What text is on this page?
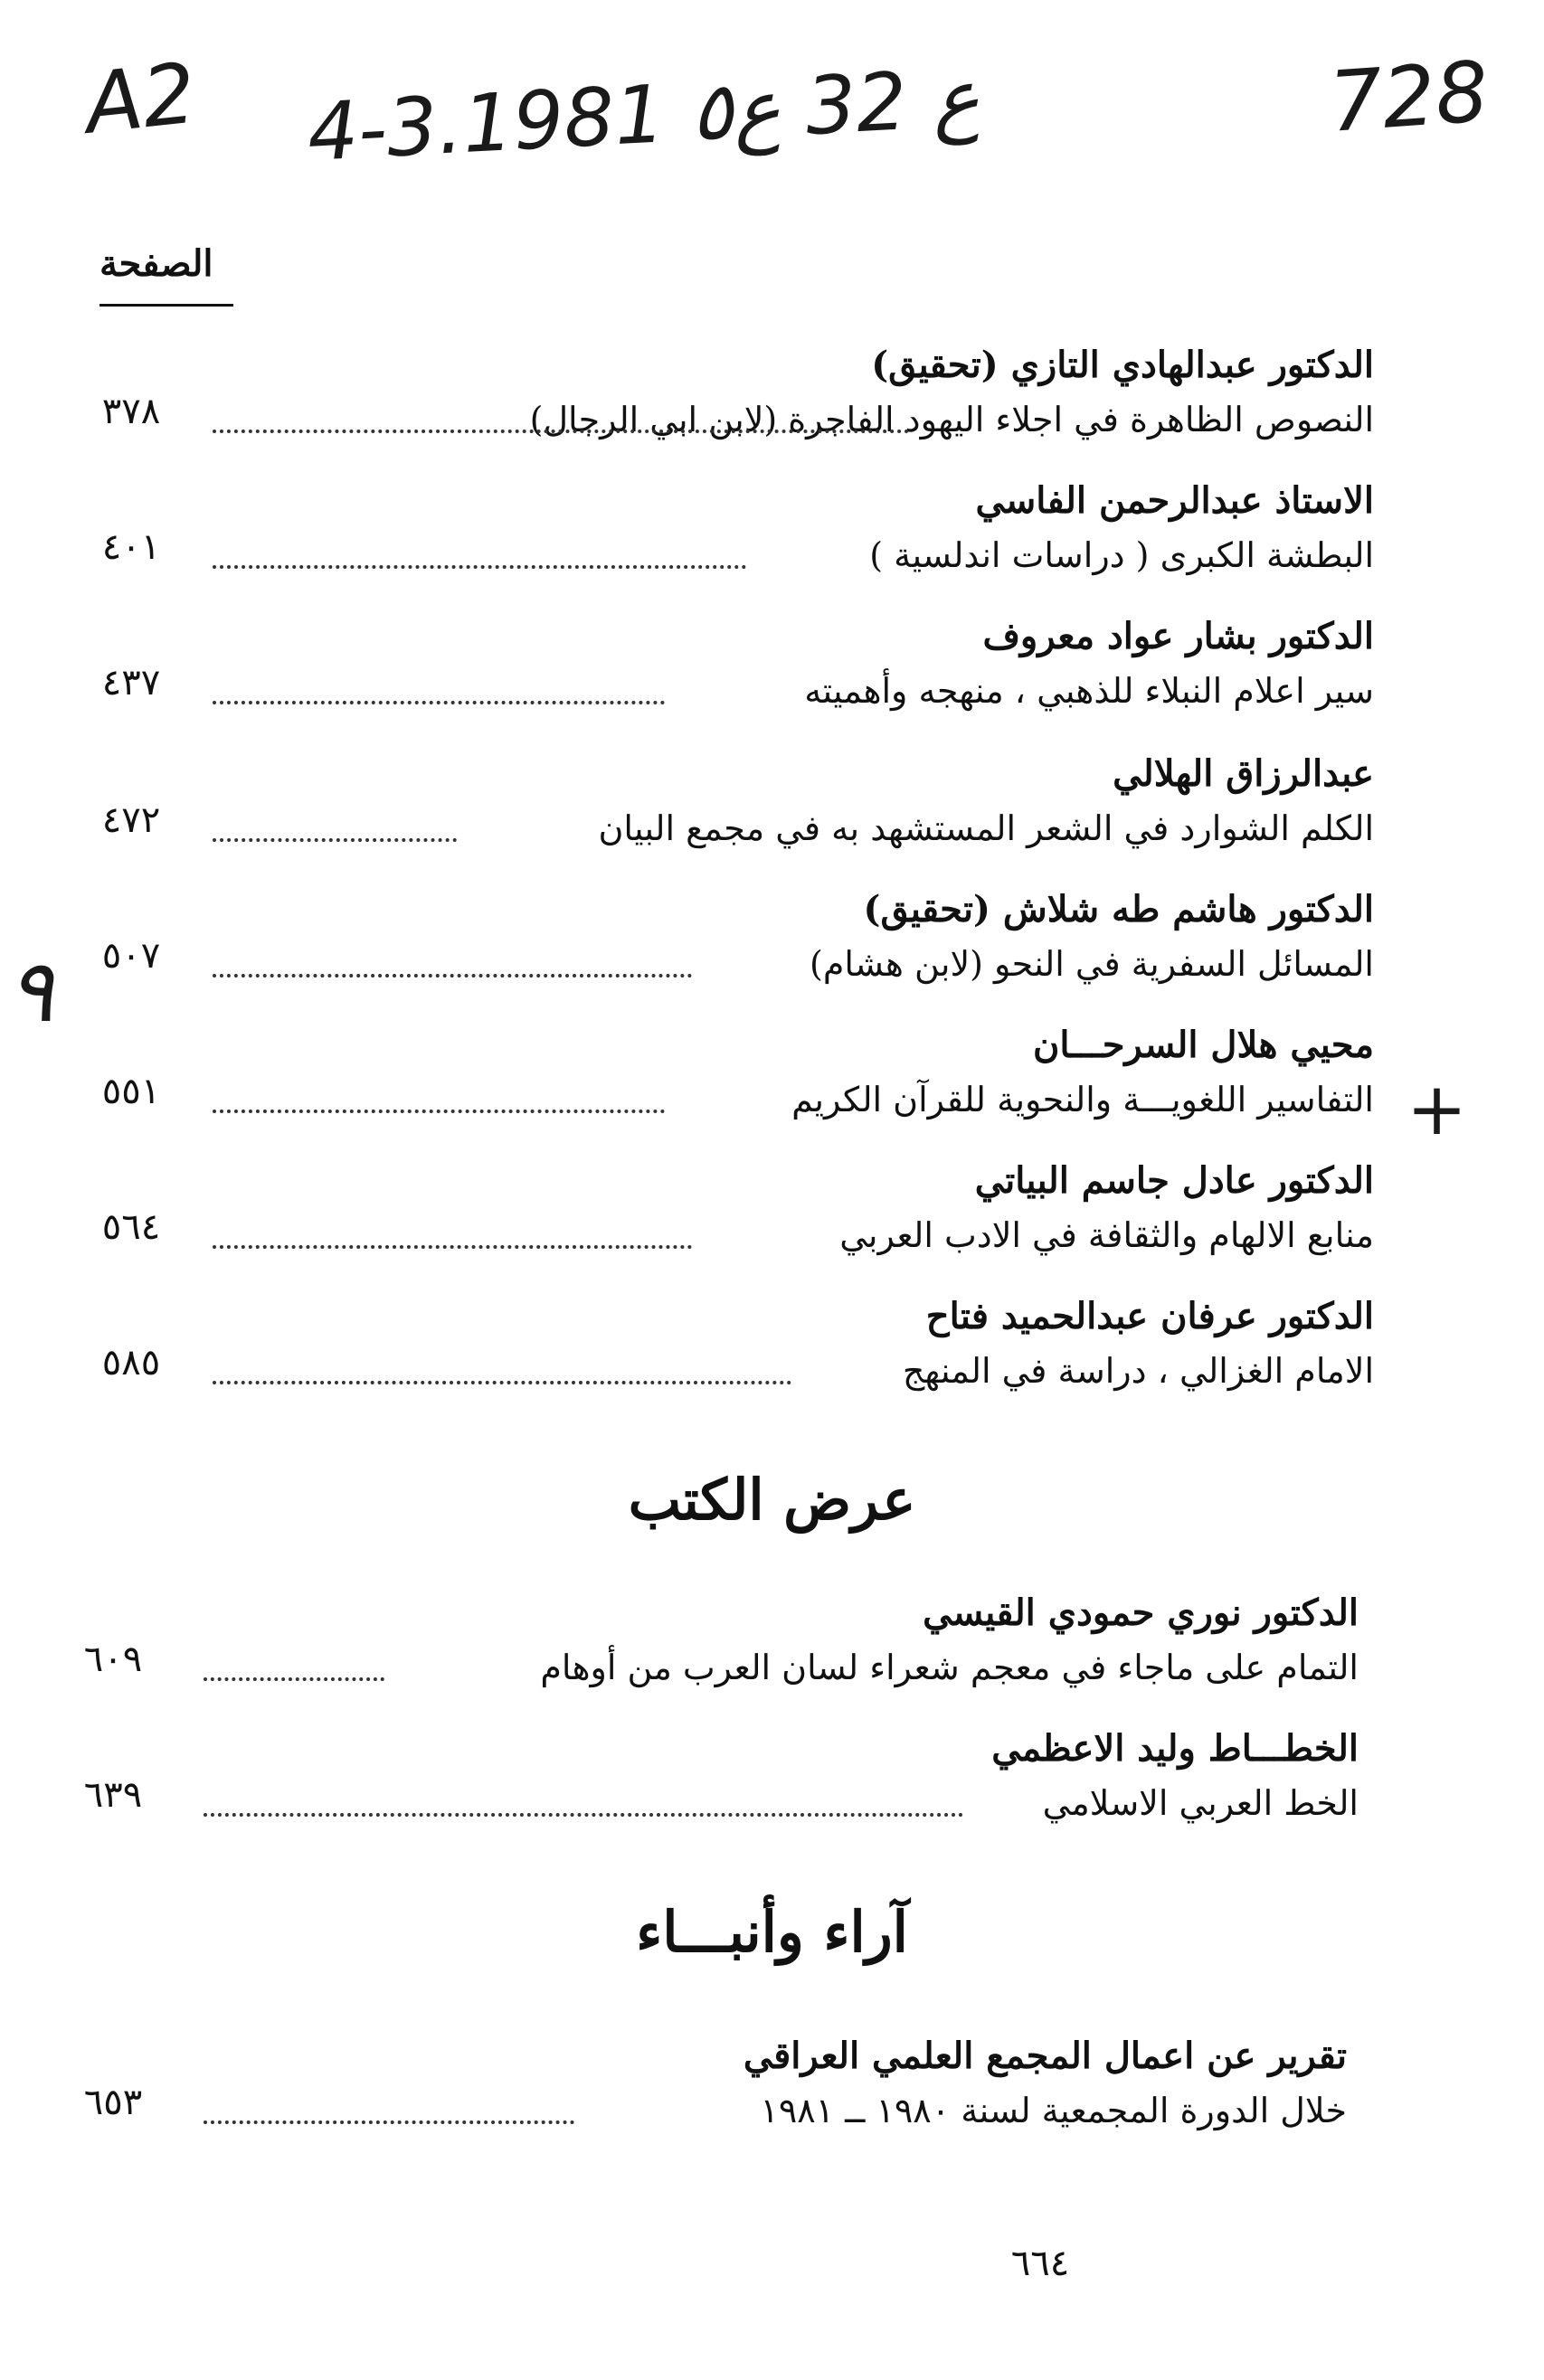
A2 4-3.ع 32 ع٥ 1981	728
٩
+
الصفحة
الدكتور عبدالهادي التازي (تحقيق)
النصوص الظاهرة في اجلاء اليهود الفاجرة (لابن ابي الرجال)
٣٧٨
الاستاذ عبدالرحمن الفاسي
البطشة الكبرى ( دراسات اندلسية )
٤٠١
الدكتور بشار عواد معروف
سير اعلام النبلاء للذهبي ، منهجه وأهميته
٤٣٧
عبدالرزاق الهلالي
الكلم الشوارد في الشعر المستشهد به في مجمع البيان
٤٧٢
الدكتور هاشم طه شلاش (تحقيق)
المسائل السفرية في النحو (لابن هشام)
٥٠٧
محيي هلال السرحـــان
التفاسير اللغويـــة والنحوية للقرآن الكريم
٥٥١
الدكتور عادل جاسم البياتي
منابع الالهام والثقافة في الادب العربي
٥٦٤
الدكتور عرفان عبدالحميد فتاح
الامام الغزالي ، دراسة في المنهج
٥٨٥
عرض الكتب
الدكتور نوري حمودي القيسي
التمام على ماجاء في معجم شعراء لسان العرب من أوهام
٦٠٩
الخطـــاط وليد الاعظمي
الخط العربي الاسلامي
٦٣٩
آراء وأنبـــاء
تقرير عن اعمال المجمع العلمي العراقي
خلال الدورة المجمعية لسنة ١٩٨٠ ــ ١٩٨١
٦٥٣
٦٦٤
